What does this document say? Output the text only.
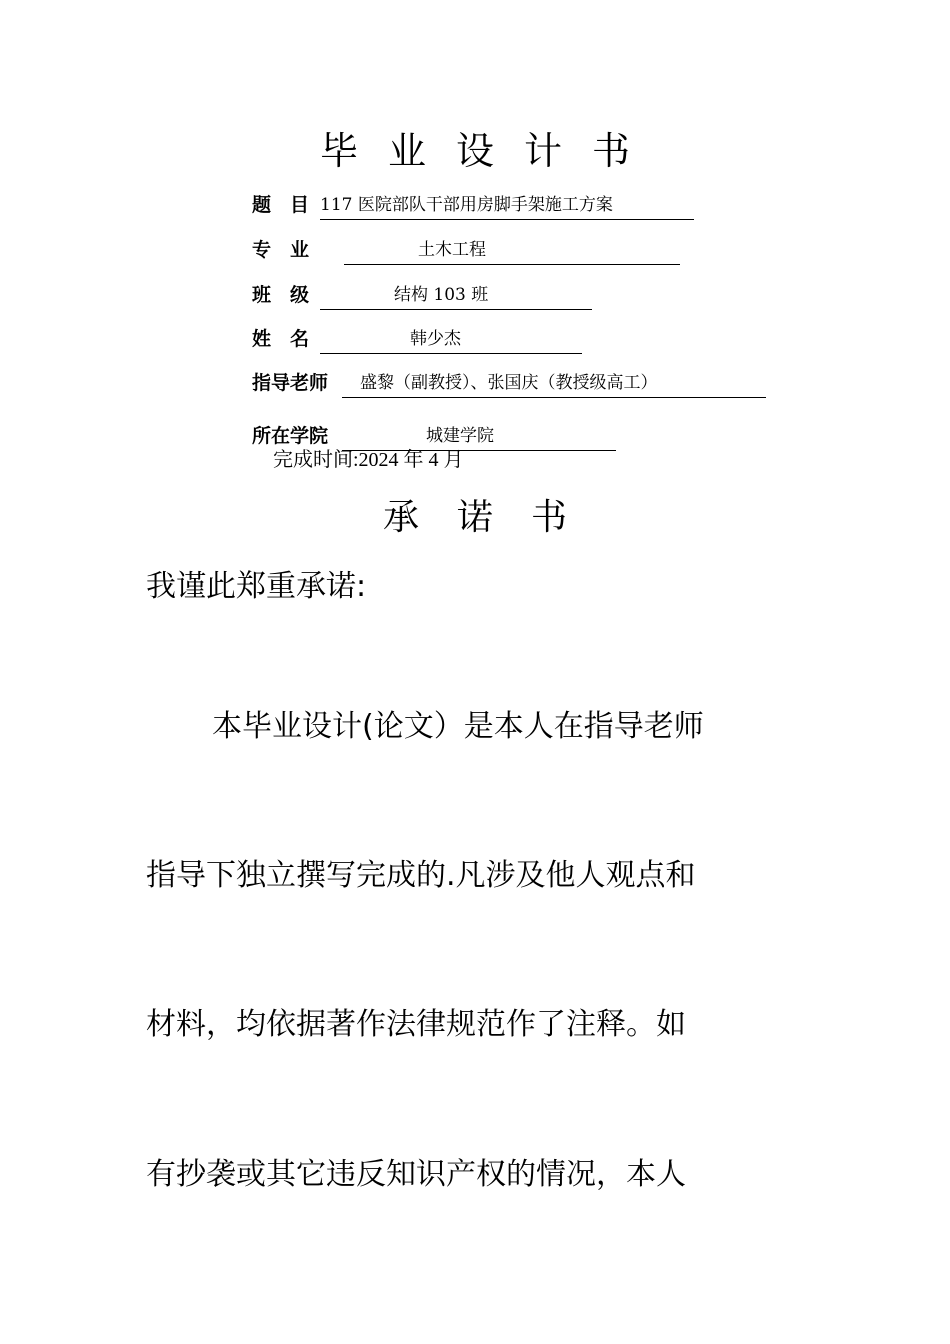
毕业设计书
题　目 117 医院部队干部用房脚手架施工方案
专　业	土木工程
班　级	结构 103 班
姓　名	韩少杰
指导老师	盛黎（副教授）、张国庆（教授级高工）
所在学院	城建学院
完成时间:2024 年 4 月
承诺书
我谨此郑重承诺:
本毕业设计(论文）是本人在指导老师
指导下独立撰写完成的.凡涉及他人观点和
材料，均依据著作法律规范作了注释。如
有抄袭或其它违反知识产权的情况，本人
